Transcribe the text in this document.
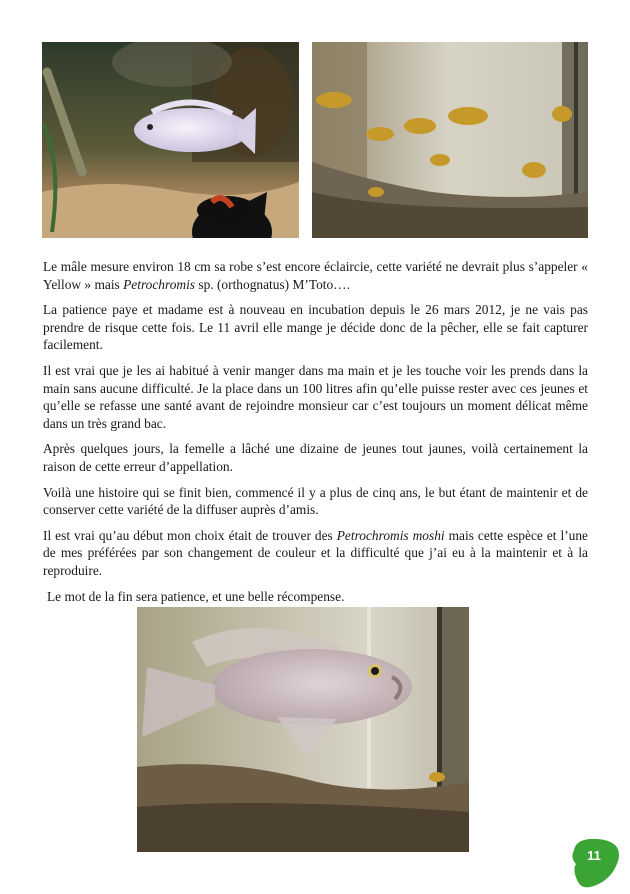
Le mâle mesure environ 18 cm sa robe s’est encore éclaircie, cette variété ne devrait plus s’appeler « Yellow » mais Petrochromis sp. (orthognatus) M’Toto….

La patience paye et madame est à nouveau en incubation depuis le 26 mars 2012, je ne vais pas prendre de risque cette fois. Le 11 avril elle mange je décide donc de la pêcher, elle se fait capturer facilement.

Il est vrai que je les ai habitué à venir manger dans ma main et je les touche voir les prends dans la main sans aucune difficulté. Je la place dans un 100 litres afin qu’elle puisse rester avec ces jeunes et qu’elle se refasse une santé avant de rejoindre monsieur car c’est toujours un moment délicat même dans un très grand bac.

Après quelques jours, la femelle a lâché une dizaine de jeunes tout jaunes, voilà certainement la raison de cette erreur d’appellation.

Voilà une histoire qui se finit bien, commencé il y a plus de cinq ans, le but étant de maintenir et de conserver cette variété de la diffuser auprès d’amis.

Il est vrai qu’au début mon choix était de trouver des Petrochromis moshi mais cette espèce et l’une de mes préférées par son changement de couleur et la difficulté que j’ai eu à la maintenir et à la reproduire.

Le mot de la fin sera patience, et une belle récompense.

11
